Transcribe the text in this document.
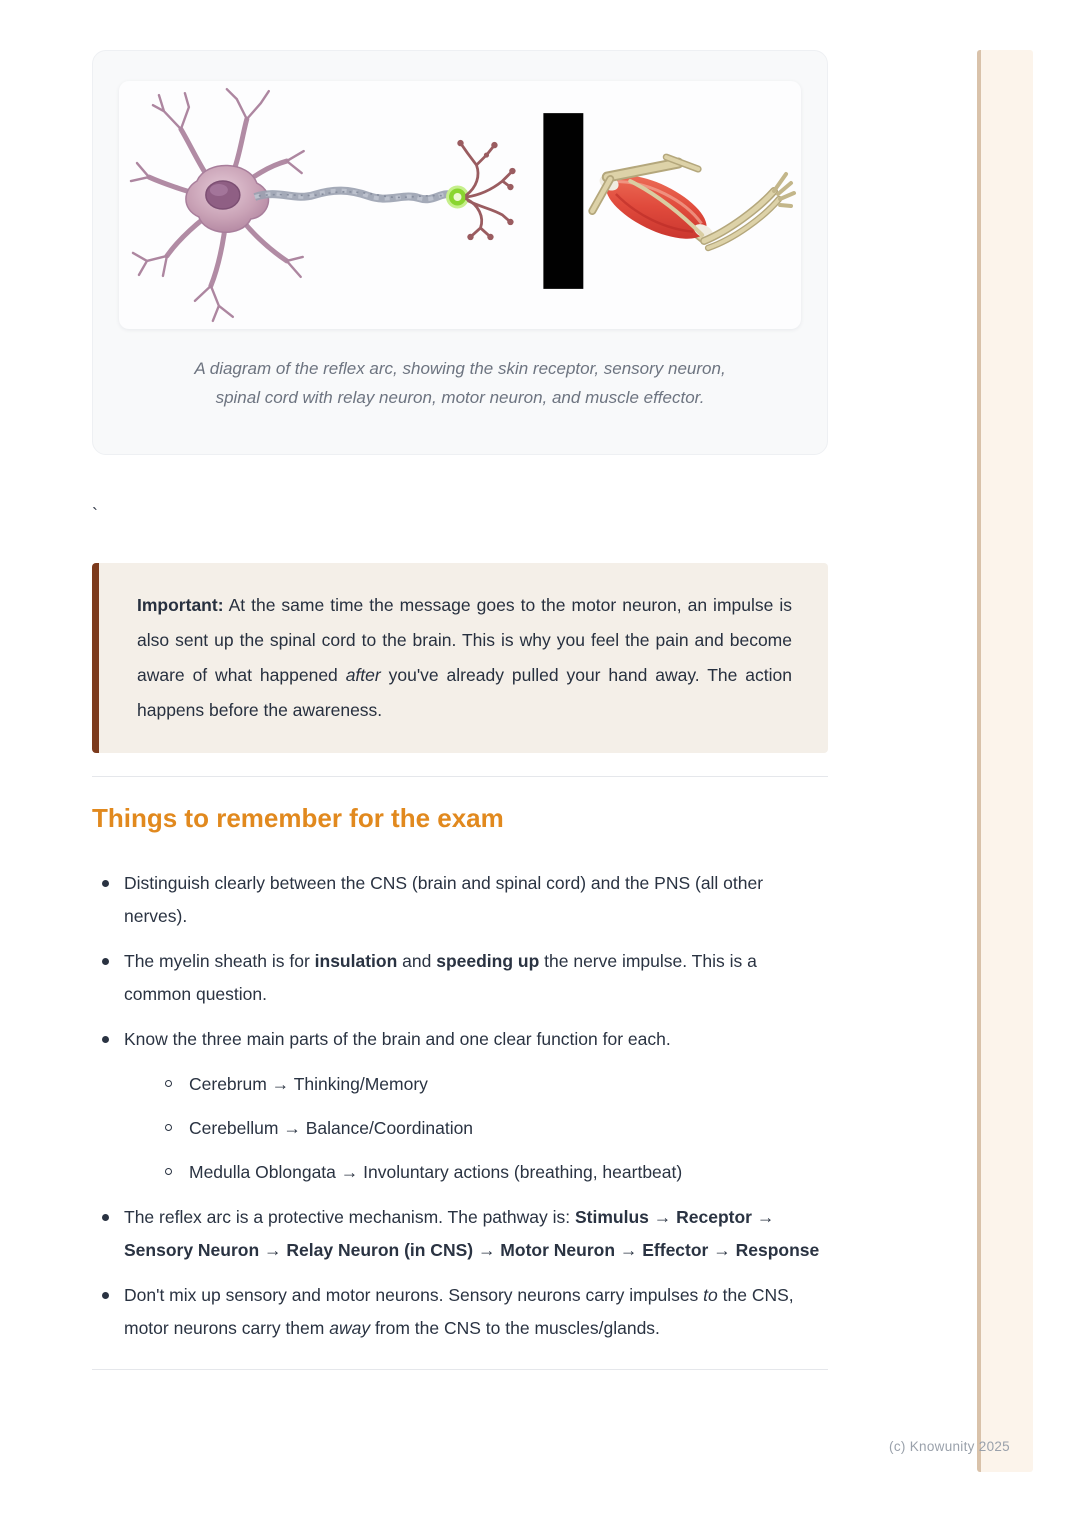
A diagram of the reflex arc, showing the skin receptor, sensory neuron,
spinal cord with relay neuron, motor neuron, and muscle effector.
`

Important: At the same time the message goes to the motor neuron, an impulse is also sent up the spinal cord to the brain. This is why you feel the pain and become aware of what happened after you've already pulled your hand away. The action happens before the awareness.

Things to remember for the exam
Distinguish clearly between the CNS (brain and spinal cord) and the PNS (all other nerves).
The myelin sheath is for insulation and speeding up the nerve impulse. This is a common question.
Know the three main parts of the brain and one clear function for each.
Cerebrum → Thinking/Memory
Cerebellum → Balance/Coordination
Medulla Oblongata → Involuntary actions (breathing, heartbeat)
The reflex arc is a protective mechanism. The pathway is: Stimulus → Receptor → Sensory Neuron → Relay Neuron (in CNS) → Motor Neuron → Effector → Response
Don't mix up sensory and motor neurons. Sensory neurons carry impulses to the CNS, motor neurons carry them away from the CNS to the muscles/glands.
(c) Knowunity 2025
